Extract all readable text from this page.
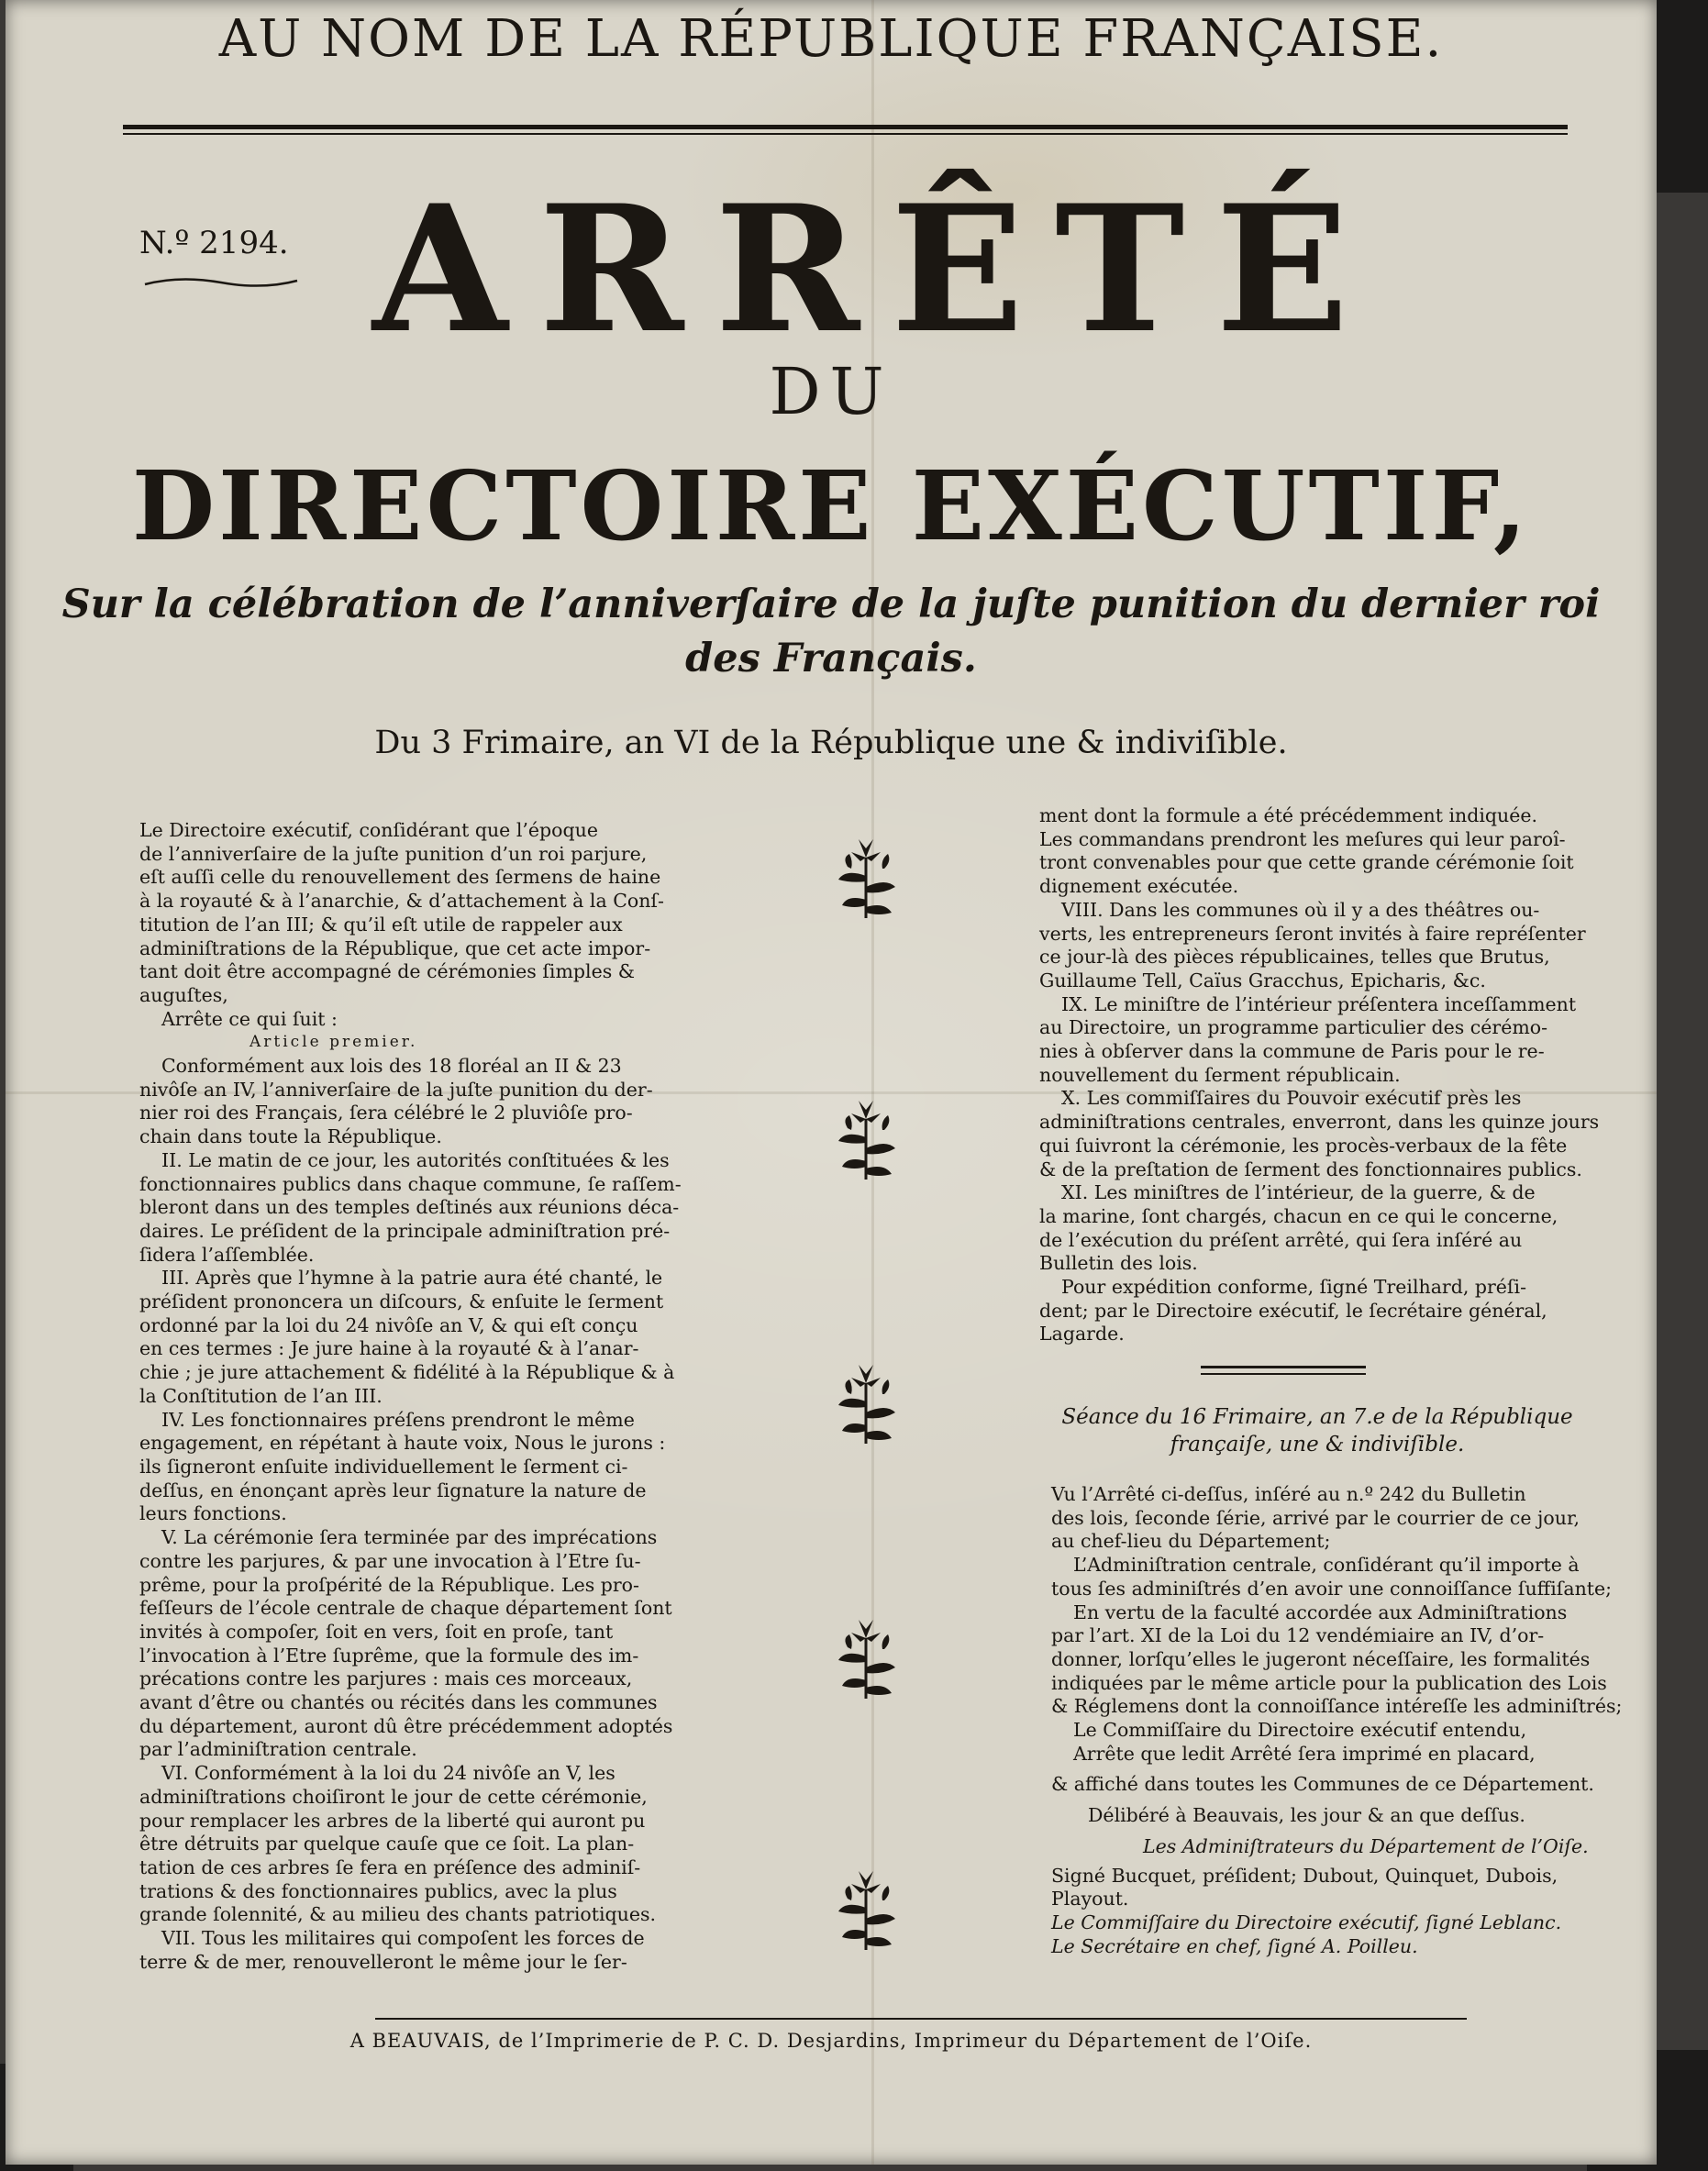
AU NOM DE LA RÉPUBLIQUE FRANÇAISE.
N.º 2194. ARRÊTÉ
DU
DIRECTOIRE EXÉCUTIF,
Sur la célébration de l’anniverſaire de la juſte punition du dernier roi
des Français.
Du 3 Frimaire, an VI de la République une & indiviſible.

Le Directoire exécutif, conſidérant que l’époque

de l’anniverſaire de la juſte punition d’un roi parjure,

eſt auſſi celle du renouvellement des ſermens de haine

à la royauté & à l’anarchie, & d’attachement à la Conſ-

titution de l’an III; & qu’il eſt utile de rappeler aux

adminiſtrations de la République, que cet acte impor-

tant doit être accompagné de cérémonies ſimples &

auguſtes,

Arrête ce qui ſuit :

Article premier.

Conformément aux lois des 18 floréal an II & 23

nivôſe an IV, l’anniverſaire de la juſte punition du der-

nier roi des Français, ſera célébré le 2 pluviôſe pro-

chain dans toute la République.

II. Le matin de ce jour, les autorités conſtituées & les

fonctionnaires publics dans chaque commune, ſe raſſem-

bleront dans un des temples deſtinés aux réunions déca-

daires. Le préſident de la principale adminiſtration pré-

ſidera l’aſſemblée.

III. Après que l’hymne à la patrie aura été chanté, le

préſident prononcera un diſcours, & enſuite le ſerment

ordonné par la loi du 24 nivôſe an V, & qui eſt conçu

en ces termes : Je jure haine à la royauté & à l’anar-

chie ; je jure attachement & fidélité à la République & à

la Conſtitution de l’an III.

IV. Les fonctionnaires préſens prendront le même

engagement, en répétant à haute voix, Nous le jurons :

ils ſigneront enſuite individuellement le ſerment ci-

deſſus, en énonçant après leur ſignature la nature de

leurs fonctions.

V. La cérémonie ſera terminée par des imprécations

contre les parjures, & par une invocation à l’Etre ſu-

prême, pour la proſpérité de la République. Les pro-

feſſeurs de l’école centrale de chaque département ſont

invités à compoſer, ſoit en vers, ſoit en proſe, tant

l’invocation à l’Etre ſuprême, que la formule des im-

précations contre les parjures : mais ces morceaux,

avant d’être ou chantés ou récités dans les communes

du département, auront dû être précédemment adoptés

par l’adminiſtration centrale.

VI. Conformément à la loi du 24 nivôſe an V, les

adminiſtrations choiſiront le jour de cette cérémonie,

pour remplacer les arbres de la liberté qui auront pu

être détruits par quelque cauſe que ce ſoit. La plan-

tation de ces arbres ſe fera en préſence des adminiſ-

trations & des fonctionnaires publics, avec la plus

grande ſolennité, & au milieu des chants patriotiques.

VII. Tous les militaires qui compoſent les forces de

terre & de mer, renouvelleront le même jour le ſer-

ment dont la formule a été précédemment indiquée.

Les commandans prendront les meſures qui leur paroî-

tront convenables pour que cette grande cérémonie ſoit

dignement exécutée.

VIII. Dans les communes où il y a des théâtres ou-

verts, les entrepreneurs ſeront invités à faire repréſenter

ce jour-là des pièces républicaines, telles que Brutus,

Guillaume Tell, Caïus Gracchus, Epicharis, &c.

IX. Le miniſtre de l’intérieur préſentera inceſſamment

au Directoire, un programme particulier des cérémo-

nies à obſerver dans la commune de Paris pour le re-

nouvellement du ſerment républicain.

X. Les commiſſaires du Pouvoir exécutif près les

adminiſtrations centrales, enverront, dans les quinze jours

qui ſuivront la cérémonie, les procès-verbaux de la fête

& de la preſtation de ſerment des fonctionnaires publics.

XI. Les miniſtres de l’intérieur, de la guerre, & de

la marine, ſont chargés, chacun en ce qui le concerne,

de l’exécution du préſent arrêté, qui ſera inſéré au

Bulletin des lois.

Pour expédition conforme, ſigné Treilhard, préſi-

dent; par le Directoire exécutif, le ſecrétaire général,

Lagarde.

Séance du 16 Frimaire, an 7.e de la République

françaiſe, une & indiviſible.

Vu l’Arrêté ci-deſſus, inſéré au n.º 242 du Bulletin

des lois, ſeconde ſérie, arrivé par le courrier de ce jour,

au chef-lieu du Département;

L’Adminiſtration centrale, conſidérant qu’il importe à

tous ſes adminiſtrés d’en avoir une connoiſſance ſuffiſante;

En vertu de la faculté accordée aux Adminiſtrations

par l’art. XI de la Loi du 12 vendémiaire an IV, d’or-

donner, lorſqu’elles le jugeront néceſſaire, les formalités

indiquées par le même article pour la publication des Lois

& Réglemens dont la connoiſſance intéreſſe les adminiſtrés;

Le Commiſſaire du Directoire exécutif entendu,

Arrête que ledit Arrêté ſera imprimé en placard,

& affiché dans toutes les Communes de ce Département.

Délibéré à Beauvais, les jour & an que deſſus.

Les Adminiſtrateurs du Département de l’Oiſe.

Signé Bucquet, préſident; Dubout, Quinquet, Dubois,

Playout.

Le Commiſſaire du Directoire exécutif, ſigné Leblanc.

Le Secrétaire en chef, ſigné A. Poilleu.

A BEAUVAIS, de l’Imprimerie de P. C. D. Desjardins, Imprimeur du Département de l’Oiſe.
